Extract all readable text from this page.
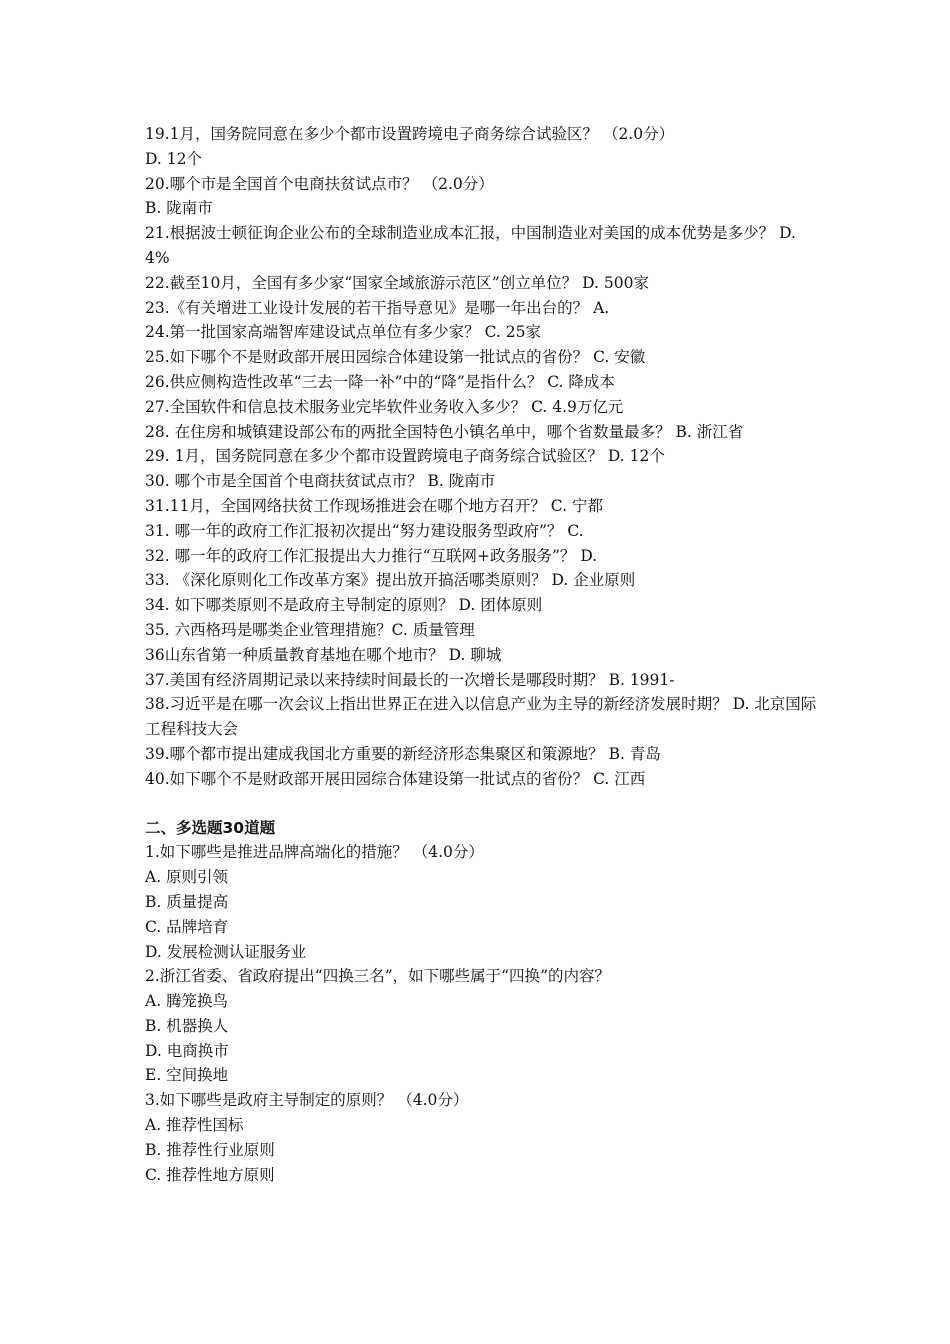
19.1月，国务院同意在多少个都市设置跨境电子商务综合试验区？ （2.0分）
D. 12个
20.哪个市是全国首个电商扶贫试点市？ （2.0分）
B. 陇南市
21.根据波士顿征询企业公布的全球制造业成本汇报，中国制造业对美国的成本优势是多少？ D. 4%
22.截至10月，全国有多少家“国家全域旅游示范区”创立单位？ D. 500家
23.《有关增进工业设计发展的若干指导意见》是哪一年出台的？ A.
24.第一批国家高端智库建设试点单位有多少家？ C. 25家
25.如下哪个不是财政部开展田园综合体建设第一批试点的省份？ C. 安徽
26.供应侧构造性改革“三去一降一补”中的“降”是指什么？ C. 降成本
27.全国软件和信息技术服务业完毕软件业务收入多少？ C. 4.9万亿元
28. 在住房和城镇建设部公布的两批全国特色小镇名单中，哪个省数量最多？ B. 浙江省
29. 1月，国务院同意在多少个都市设置跨境电子商务综合试验区？ D. 12个
30. 哪个市是全国首个电商扶贫试点市？ B. 陇南市
31.11月，全国网络扶贫工作现场推进会在哪个地方召开？ C. 宁都
31. 哪一年的政府工作汇报初次提出“努力建设服务型政府”？ C.
32. 哪一年的政府工作汇报提出大力推行“互联网+政务服务”？ D.
33. 《深化原则化工作改革方案》提出放开搞活哪类原则？ D. 企业原则
34. 如下哪类原则不是政府主导制定的原则？ D. 团体原则
35. 六西格玛是哪类企业管理措施？C. 质量管理
36山东省第一种质量教育基地在哪个地市？ D. 聊城
37.美国有经济周期记录以来持续时间最长的一次增长是哪段时期？ B. 1991-
38.习近平是在哪一次会议上指出世界正在进入以信息产业为主导的新经济发展时期？ D. 北京国际工程科技大会
39.哪个都市提出建成我国北方重要的新经济形态集聚区和策源地？ B. 青岛
40.如下哪个不是财政部开展田园综合体建设第一批试点的省份？ C. 江西
二、多选题30道题
1.如下哪些是推进品牌高端化的措施？ （4.0分）
A. 原则引领
B. 质量提高
C. 品牌培育
D. 发展检测认证服务业
2.浙江省委、省政府提出“四换三名”，如下哪些属于“四换”的内容？
A. 腾笼换鸟
B. 机器换人
D. 电商换市
E. 空间换地
3.如下哪些是政府主导制定的原则？ （4.0分）
A. 推荐性国标
B. 推荐性行业原则
C. 推荐性地方原则
